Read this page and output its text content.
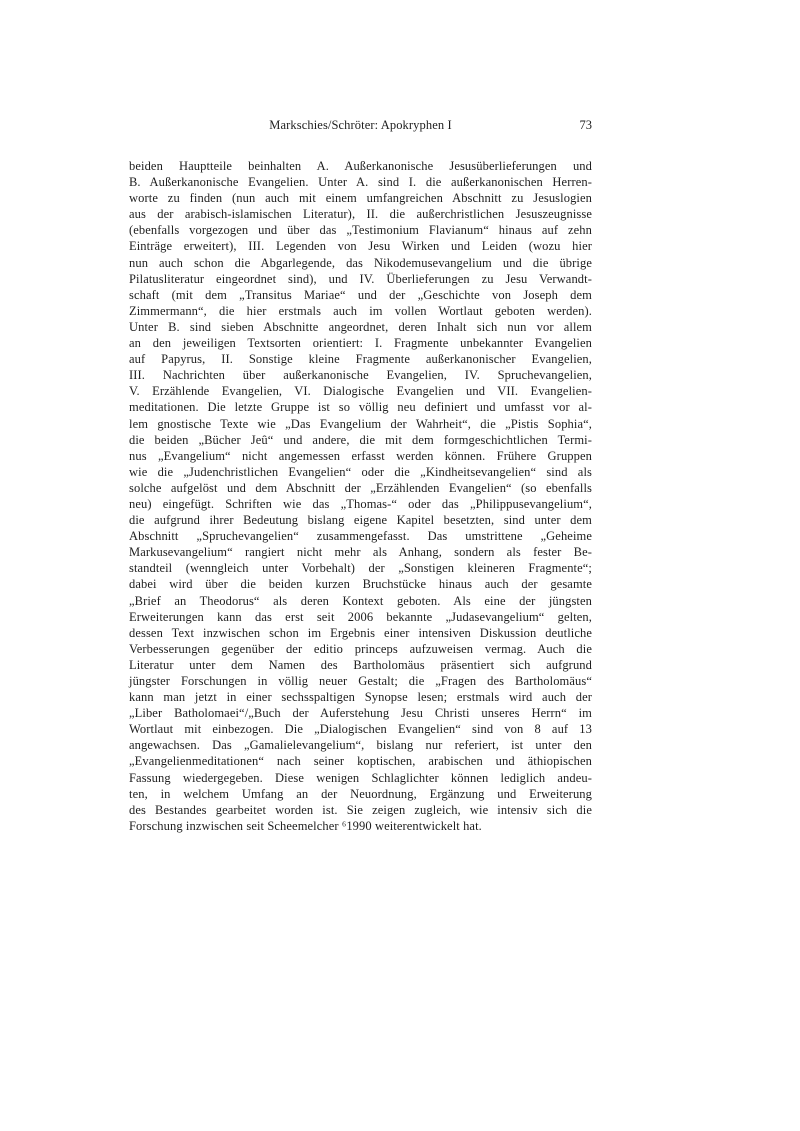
Markschies/Schröter: Apokryphen I	73
beiden Hauptteile beinhalten A. Außerkanonische Jesusüberlieferungen und
B. Außerkanonische Evangelien. Unter A. sind I. die außerkanonischen Herren-
worte zu finden (nun auch mit einem umfangreichen Abschnitt zu Jesuslogien
aus der arabisch-islamischen Literatur), II. die außerchristlichen Jesuszeugnisse
(ebenfalls vorgezogen und über das „Testimonium Flavianum“ hinaus auf zehn
Einträge erweitert), III. Legenden von Jesu Wirken und Leiden (wozu hier
nun auch schon die Abgarlegende, das Nikodemusevangelium und die übrige
Pilatusliteratur eingeordnet sind), und IV. Überlieferungen zu Jesu Verwandt-
schaft (mit dem „Transitus Mariae“ und der „Geschichte von Joseph dem
Zimmermann“, die hier erstmals auch im vollen Wortlaut geboten werden).
Unter B. sind sieben Abschnitte angeordnet, deren Inhalt sich nun vor allem
an den jeweiligen Textsorten orientiert: I. Fragmente unbekannter Evangelien
auf Papyrus, II. Sonstige kleine Fragmente außerkanonischer Evangelien,
III. Nachrichten über außerkanonische Evangelien, IV. Spruchevangelien,
V. Erzählende Evangelien, VI. Dialogische Evangelien und VII. Evangelien-
meditationen. Die letzte Gruppe ist so völlig neu definiert und umfasst vor al-
lem gnostische Texte wie „Das Evangelium der Wahrheit“, die „Pistis Sophia“,
die beiden „Bücher Jeû“ und andere, die mit dem formgeschichtlichen Termi-
nus „Evangelium“ nicht angemessen erfasst werden können. Frühere Gruppen
wie die „Judenchristlichen Evangelien“ oder die „Kindheitsevangelien“ sind als
solche aufgelöst und dem Abschnitt der „Erzählenden Evangelien“ (so ebenfalls
neu) eingefügt. Schriften wie das „Thomas-“ oder das „Philippusevangelium“,
die aufgrund ihrer Bedeutung bislang eigene Kapitel besetzten, sind unter dem
Abschnitt „Spruchevangelien“ zusammengefasst. Das umstrittene „Geheime
Markusevangelium“ rangiert nicht mehr als Anhang, sondern als fester Be-
standteil (wenngleich unter Vorbehalt) der „Sonstigen kleineren Fragmente“;
dabei wird über die beiden kurzen Bruchstücke hinaus auch der gesamte
„Brief an Theodorus“ als deren Kontext geboten. Als eine der jüngsten
Erweiterungen kann das erst seit 2006 bekannte „Judasevangelium“ gelten,
dessen Text inzwischen schon im Ergebnis einer intensiven Diskussion deutliche
Verbesserungen gegenüber der editio princeps aufzuweisen vermag. Auch die
Literatur unter dem Namen des Bartholomäus präsentiert sich aufgrund
jüngster Forschungen in völlig neuer Gestalt; die „Fragen des Bartholomäus“
kann man jetzt in einer sechsspaltigen Synopse lesen; erstmals wird auch der
„Liber Batholomaei“/„Buch der Auferstehung Jesu Christi unseres Herrn“ im
Wortlaut mit einbezogen. Die „Dialogischen Evangelien“ sind von 8 auf 13
angewachsen. Das „Gamalielevangelium“, bislang nur referiert, ist unter den
„Evangelienmeditationen“ nach seiner koptischen, arabischen und äthiopischen
Fassung wiedergegeben. Diese wenigen Schlaglichter können lediglich andeu-
ten, in welchem Umfang an der Neuordnung, Ergänzung und Erweiterung
des Bestandes gearbeitet worden ist. Sie zeigen zugleich, wie intensiv sich die
Forschung inzwischen seit Scheemelcher ⁶1990 weiterentwickelt hat.
